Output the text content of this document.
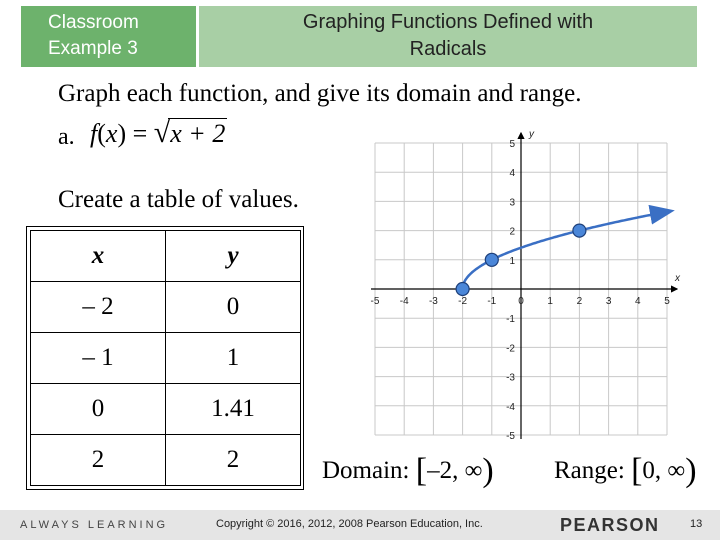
Classroom
Example 3
Graphing Functions Defined with
Radicals
Graph each function, and give its domain and range.
a. f(x) = √x + 2
Create a table of values.
x	y
– 2	0
– 1	1
0	1.41
2	2
x
y
-5 -4 -3 -2 -1 0 1 2 3 4 5
5
4
3
2
1
-1
-2
-3
-4
-5
Domain: [–2, ∞) Range: [0, ∞)
ALWAYS LEARNING	Copyright © 2016, 2012, 2008 Pearson Education, Inc.	PEARSON	13
